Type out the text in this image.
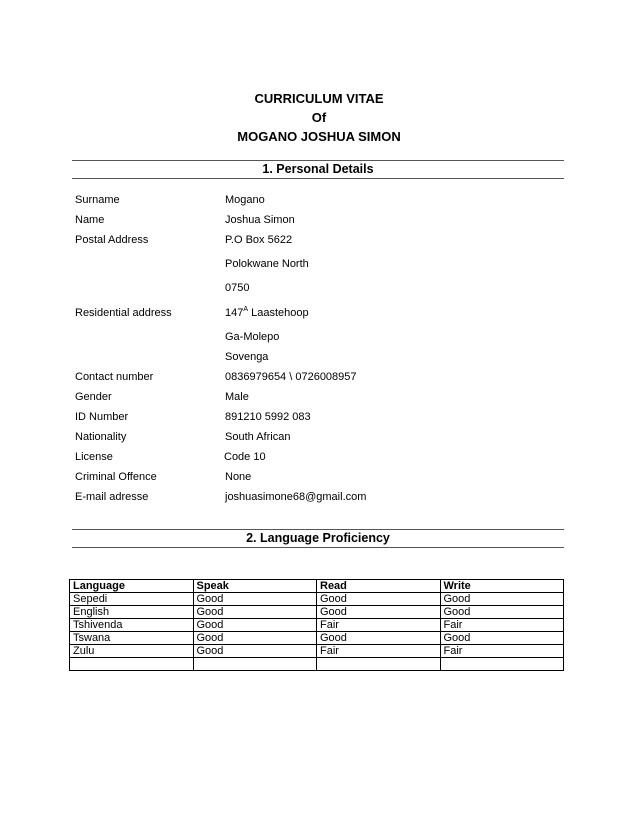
CURRICULUM VITAE
Of
MOGANO JOSHUA SIMON
1. Personal Details
Surname	Mogano
Name	Joshua Simon
Postal Address	P.O Box 5622
Polokwane North
0750
Residential address	$147^A$ Laastehoop
Ga-Molepo
Sovenga
Contact number	0836979654 \ 0726008957
Gender	Male
ID Number	891210 5992 083
Nationality	South African
License	Code 10
Criminal Offence	None
E-mail adresse	joshuasimone68@gmail.com
2. Language Proficiency
Language	Speak	Read	Write
Sepedi	Good	Good	Good
English	Good	Good	Good
Tshivenda	Good	Fair	Fair
Tswana	Good	Good	Good
Zulu	Good	Fair	Fair
